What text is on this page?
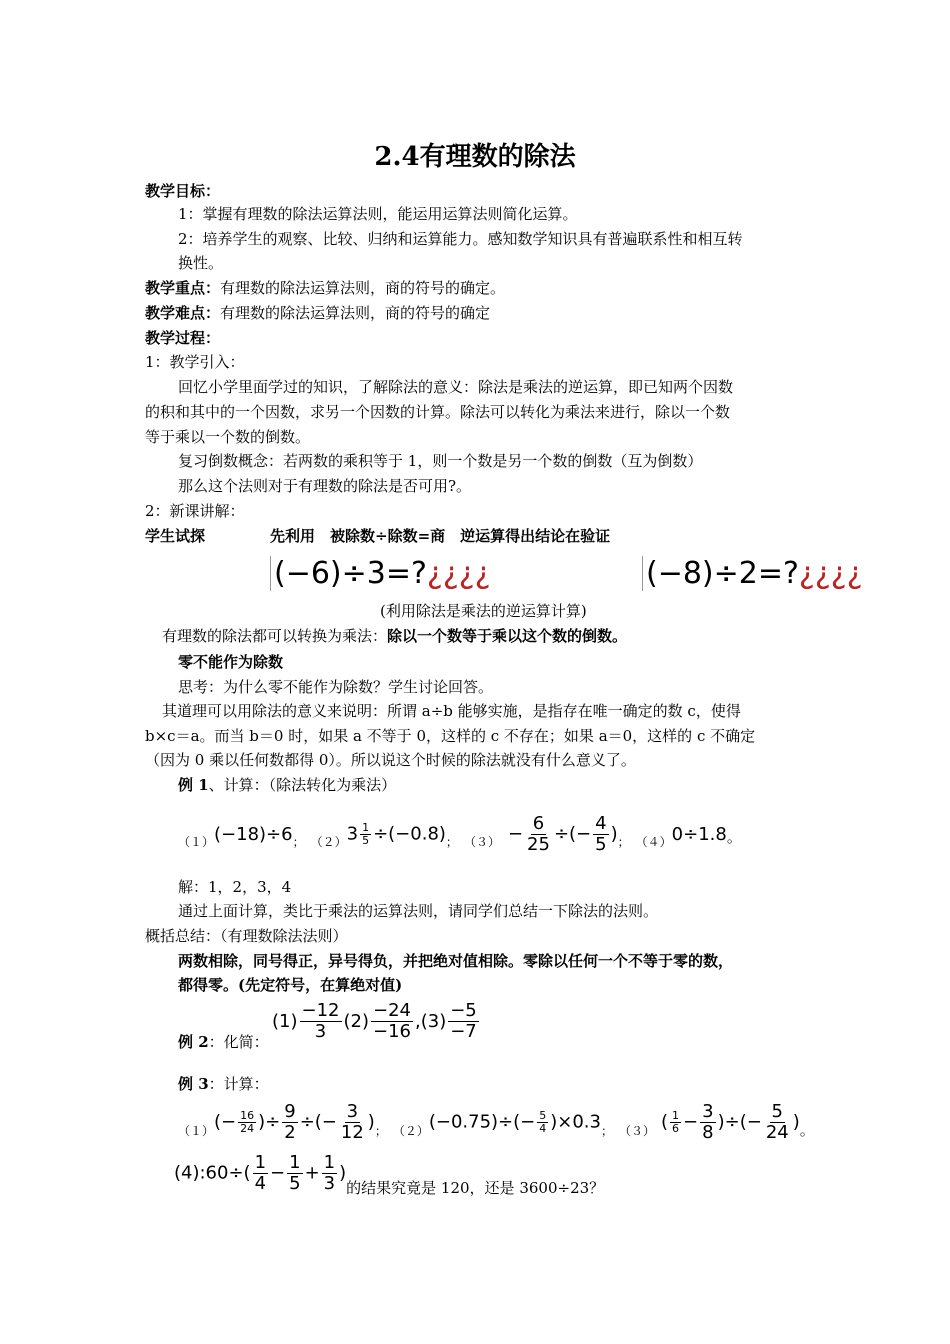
2.4有理数的除法
教学目标：
1：掌握有理数的除法运算法则，能运用运算法则简化运算。
2：培养学生的观察、比较、归纳和运算能力。感知数学知识具有普遍联系性和相互转
换性。
教学重点：有理数的除法运算法则，商的符号的确定。
教学难点：有理数的除法运算法则，商的符号的确定
教学过程：
1：教学引入：
回忆小学里面学过的知识，了解除法的意义：除法是乘法的逆运算，即已知两个因数
的积和其中的一个因数，求另一个因数的计算。除法可以转化为乘法来进行，除以一个数
等于乘以一个数的倒数。
复习倒数概念：若两数的乘积等于 1，则一个数是另一个数的倒数（互为倒数）
那么这个法则对于有理数的除法是否可用?。
2：新课讲解：
学生试探	先利用　被除数÷除数=商　逆运算得出结论在验证
(−6)÷3=?¿¿¿¿	(−8)÷2=?¿¿¿¿
(利用除法是乘法的逆运算计算)
有理数的除法都可以转换为乘法：除以一个数等于乘以这个数的倒数。
零不能作为除数
思考：为什么零不能作为除数？学生讨论回答。
其道理可以用除法的意义来说明：所谓 a÷b 能够实施，是指存在唯一确定的数 c，使得
b×c＝a。而当 b＝0 时，如果 a 不等于 0，这样的 c 不存在；如果 a＝0，这样的 c 不确定
（因为 0 乘以任何数都得 0）。所以说这个时候的除法就没有什么意义了。
例 1、计算：（除法转化为乘法）
（１） (−18)÷6 ； （２） $3 \frac{1}{5} \div(-0.8)$ ； $(3) - \frac{6}{25}$ ÷(− $\frac{4}{5}$ ) ； （４） 0÷1.8 。
解：1，2，3，4
通过上面计算，类比于乘法的运算法则，请同学们总结一下除法的法则。
概括总结：（有理数除法法则）
两数相除，同号得正，异号得负，并把绝对值相除。零除以任何一个不等于零的数，
都得零。(先定符号，在算绝对值)
例 2：化简：
$(1) \frac{-12}{3} (2) \frac{-24}{-16} ,(3) \frac{-5}{-7}$
例 3：计算：
（１） (− $\frac{16}{24}$ )÷ $\frac{9}{2}$ ÷(− $\frac{3}{12}$ ) ； （２） $(-0.75)\div(- \frac{5}{4} )\times 0.3$ ； （３） ( $\frac{1}{6} - \frac{3}{8}$ )÷(− $\frac{5}{24}$ ) 。
(4):60÷( $\frac{1}{4} - \frac{1}{5} + \frac{1}{3}$ )
的结果究竟是 120，还是 3600÷23？
